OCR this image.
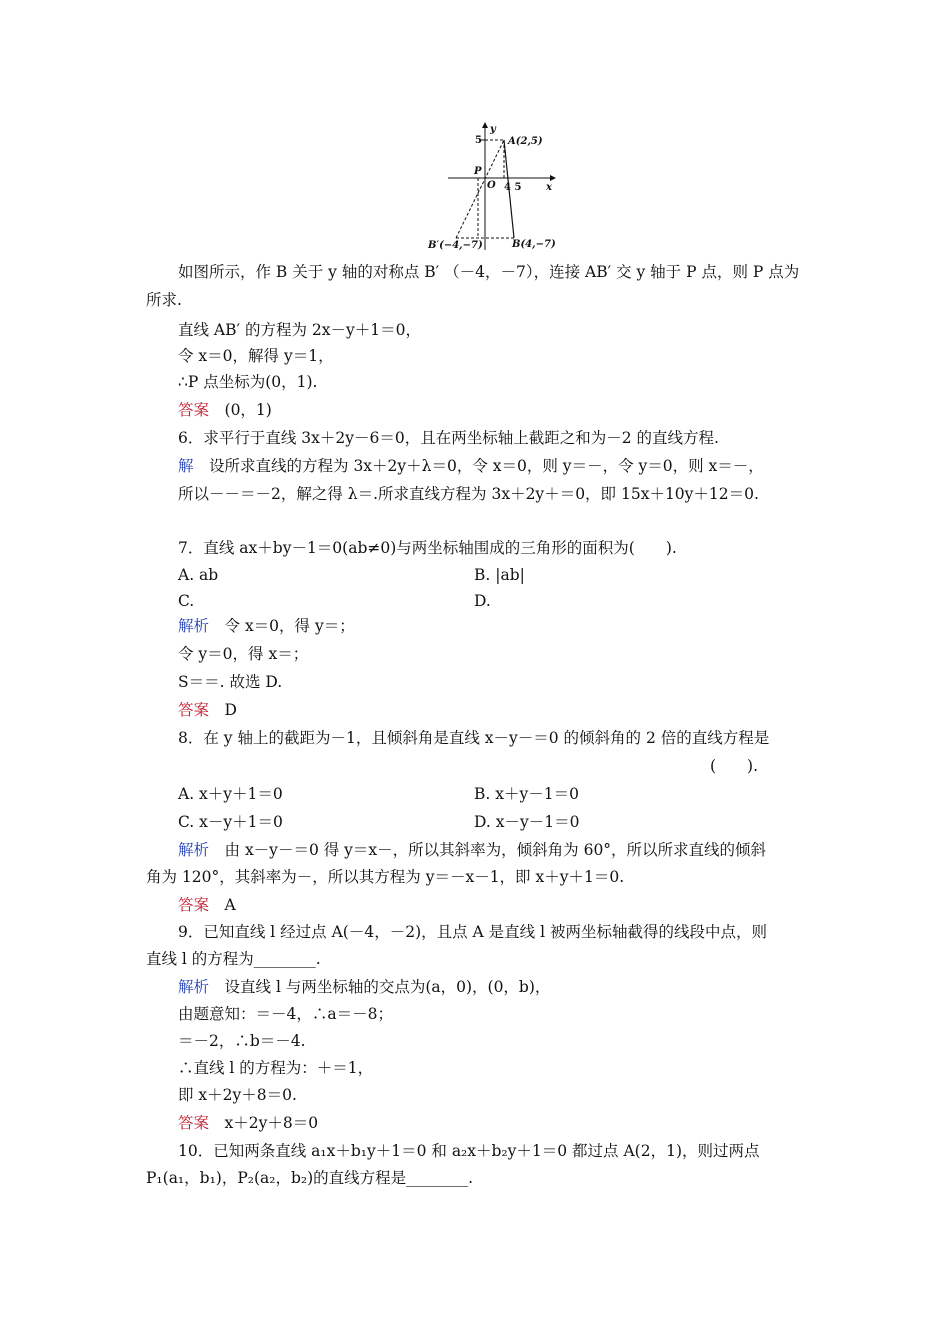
y
5	A(2,5)
P
O 4 5 x
B′(−4,−7)	B(4,−7)
如图所示，作 B 关于 y 轴的对称点 B′ （－4，－7），连接 AB′ 交 y 轴于 P 点，则 P 点为
所求.
直线 AB′ 的方程为 2x－y＋1＝0，
令 x＝0，解得 y＝1，
∴P 点坐标为(0，1).
答案　(0，1)
6．求平行于直线 3x＋2y－6＝0，且在两坐标轴上截距之和为－2 的直线方程.
解　设所求直线的方程为 3x＋2y＋λ＝0，令 x＝0，则 y＝－，令 y＝0，则 x＝－，
所以－－＝－2，解之得 λ＝.所求直线方程为 3x＋2y＋＝0，即 15x＋10y＋12＝0.
7．直线 ax＋by－1＝0(ab≠0)与两坐标轴围成的三角形的面积为(　　).
A. ab	B. |ab|
C.	D.
解析　令 x＝0，得 y＝；
令 y＝0，得 x＝；
S＝＝. 故选 D.
答案　D
8．在 y 轴上的截距为－1，且倾斜角是直线 x－y－＝0 的倾斜角的 2 倍的直线方程是
(　　).
A. x＋y＋1＝0	B. x＋y－1＝0
C. x－y＋1＝0	D. x－y－1＝0
解析　由 x－y－＝0 得 y＝x－，所以其斜率为，倾斜角为 60°，所以所求直线的倾斜
角为 120°，其斜率为－，所以其方程为 y＝－x－1，即 x＋y＋1＝0.
答案　A
9．已知直线 l 经过点 A(－4，－2)，且点 A 是直线 l 被两坐标轴截得的线段中点，则
直线 l 的方程为________.
解析　设直线 l 与两坐标轴的交点为(a，0)，(0，b)，
由题意知：＝－4，∴a＝－8；
＝－2，∴b＝－4.
∴直线 l 的方程为：＋＝1，
即 x＋2y＋8＝0.
答案　x＋2y＋8＝0
10．已知两条直线 a₁x＋b₁y＋1＝0 和 a₂x＋b₂y＋1＝0 都过点 A(2，1)，则过两点
P₁(a₁，b₁)，P₂(a₂，b₂)的直线方程是________.
